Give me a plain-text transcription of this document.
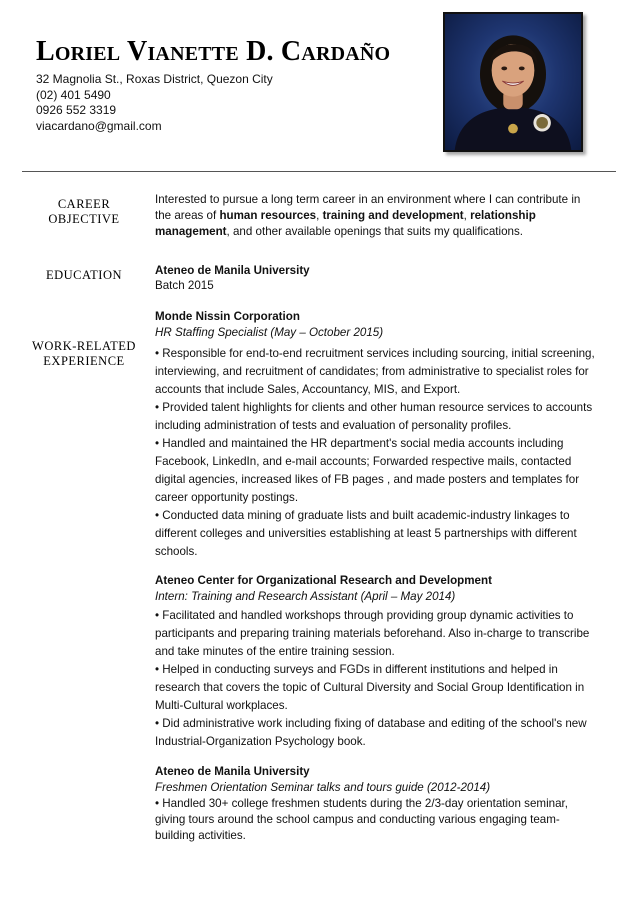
Loriel Vianette D. Cardaño
32 Magnolia St., Roxas District, Quezon City
(02) 401 5490
0926 552 3319
viacardano@gmail.com
CAREER OBJECTIVE
EDUCATION
WORK-RELATED EXPERIENCE
Interested to pursue a long term career in an environment where I can contribute in the areas of human resources, training and development, relationship management, and other available openings that suits my qualifications.
Ateneo de Manila University
Batch 2015
Monde Nissin Corporation
HR Staffing Specialist (May – October 2015)
• Responsible for end-to-end recruitment services including sourcing, initial screening, interviewing, and recruitment of candidates; from administrative to specialist roles for accounts that include Sales, Accountancy, MIS, and Export.
• Provided talent highlights for clients and other human resource services to accounts including administration of tests and evaluation of personality profiles.
• Handled and maintained the HR department's social media accounts including Facebook, LinkedIn, and e-mail accounts; Forwarded respective mails, contacted digital agencies, increased likes of FB pages , and made posters and templates for career opportunity postings.
• Conducted data mining of graduate lists and built academic-industry linkages to different colleges and universities establishing at least 5 partnerships with different schools.
Ateneo Center for Organizational Research and Development
Intern: Training and Research Assistant (April – May 2014)
• Facilitated and handled workshops through providing group dynamic activities to participants and preparing training materials beforehand. Also in-charge to transcribe and take minutes of the entire training session.
• Helped in conducting surveys and FGDs in different institutions and helped in research that covers the topic of Cultural Diversity and Social Group Identification in Multi-Cultural workplaces.
• Did administrative work including fixing of database and editing of the school's new Industrial-Organization Psychology book.
Ateneo de Manila University
Freshmen Orientation Seminar talks and tours guide (2012-2014)
• Handled 30+ college freshmen students during the 2/3-day orientation seminar, giving tours around the school campus and conducting various engaging team-building activities.
